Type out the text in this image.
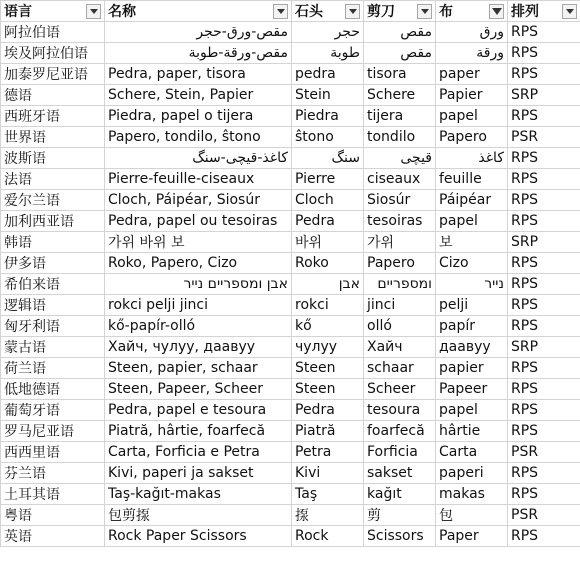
语言	名称	石头	剪刀	布	排列

阿拉伯语	مقص-ورق-حجر	حجر	مقص	ورق	RPS
埃及阿拉伯语	مقص-ورقة-طوبة	طوبة	مقص	ورقة	RPS
加泰罗尼亚语	Pedra, paper, tisora	pedra	tisora	paper	RPS
德语	Schere, Stein, Papier	Stein	Schere	Papier	SRP
西班牙语	Piedra, papel o tijera	Piedra	tijera	papel	RPS
世界语	Papero, tondilo, ŝtono	ŝtono	tondilo	Papero	PSR
波斯语	کاغذ-قیچی-سنگ	سنگ	قیچی	کاغذ	RPS
法语	Pierre-feuille-ciseaux	Pierre	ciseaux	feuille	RPS
爱尔兰语	Cloch, Páipéar, Siosúr	Cloch	Siosúr	Páipéar	RPS
加利西亚语	Pedra, papel ou tesoiras	Pedra	tesoiras	papel	RPS
韩语	가위 바위 보	바위	가위	보	SRP
伊多语	Roko, Papero, Cizo	Roko	Papero	Cizo	RPS
希伯来语	אבן ומספריים נייר	אבן	ומספריים	נייר	RPS
逻辑语	rokci pelji jinci	rokci	jinci	pelji	RPS
匈牙利语	kő-papír-olló	kő	olló	papír	RPS
蒙古语	Хайч, чулуу, даавуу	чулуу	Хайч	даавуу	SRP
荷兰语	Steen, papier, schaar	Steen	schaar	papier	RPS
低地德语	Steen, Papeer, Scheer	Steen	Scheer	Papeer	RPS
葡萄牙语	Pedra, papel e tesoura	Pedra	tesoura	papel	RPS
罗马尼亚语	Piatră, hârtie, foarfecă	Piatră	foarfecă	hârtie	RPS
西西里语	Carta, Forficia e Petra	Petra	Forficia	Carta	PSR
芬兰语	Kivi, paperi ja sakset	Kivi	sakset	paperi	RPS
土耳其语	Taş-kağıt-makas	Taş	kağıt	makas	RPS
粤语	包剪揼	揼	剪	包	PSR
英语	Rock Paper Scissors	Rock	Scissors	Paper	RPS
